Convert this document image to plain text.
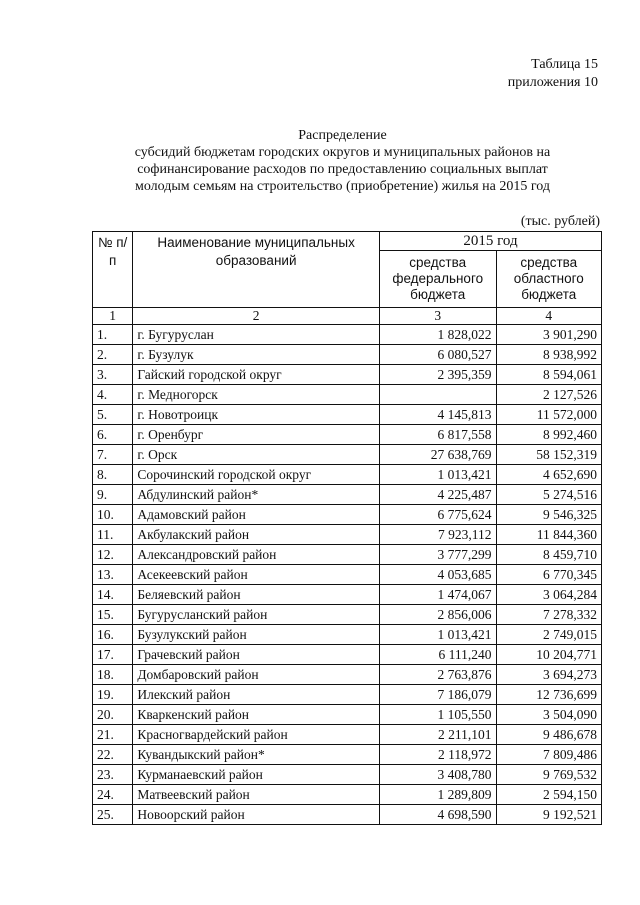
Таблица 15
приложения 10
Распределение
субсидий бюджетам городских округов и муниципальных районов на
софинансирование расходов по предоставлению социальных выплат
молодым семьям на строительство (приобретение) жилья на 2015 год
(тыс. рублей)
№ п/п	Наименование муниципальных образований	2015 год	
		средства федерального бюджета	средства областного бюджета
1	2	3	4
1.	г. Бугуруслан	1 828,022	3 901,290
2.	г. Бузулук	6 080,527	8 938,992
3.	Гайский городской округ	2 395,359	8 594,061
4.	г. Медногорск		2 127,526
5.	г. Новотроицк	4 145,813	11 572,000
6.	г. Оренбург	6 817,558	8 992,460
7.	г. Орск	27 638,769	58 152,319
8.	Сорочинский городской округ	1 013,421	4 652,690
9.	Абдулинский район*	4 225,487	5 274,516
10.	Адамовский район	6 775,624	9 546,325
11.	Акбулакский район	7 923,112	11 844,360
12.	Александровский район	3 777,299	8 459,710
13.	Асекеевский район	4 053,685	6 770,345
14.	Беляевский район	1 474,067	3 064,284
15.	Бугурусланский район	2 856,006	7 278,332
16.	Бузулукский район	1 013,421	2 749,015
17.	Грачевский район	6 111,240	10 204,771
18.	Домбаровский район	2 763,876	3 694,273
19.	Илекский район	7 186,079	12 736,699
20.	Кваркенский район	1 105,550	3 504,090
21.	Красногвардейский район	2 211,101	9 486,678
22.	Кувандыкский район*	2 118,972	7 809,486
23.	Курманаевский район	3 408,780	9 769,532
24.	Матвеевский район	1 289,809	2 594,150
25.	Новоорский район	4 698,590	9 192,521
